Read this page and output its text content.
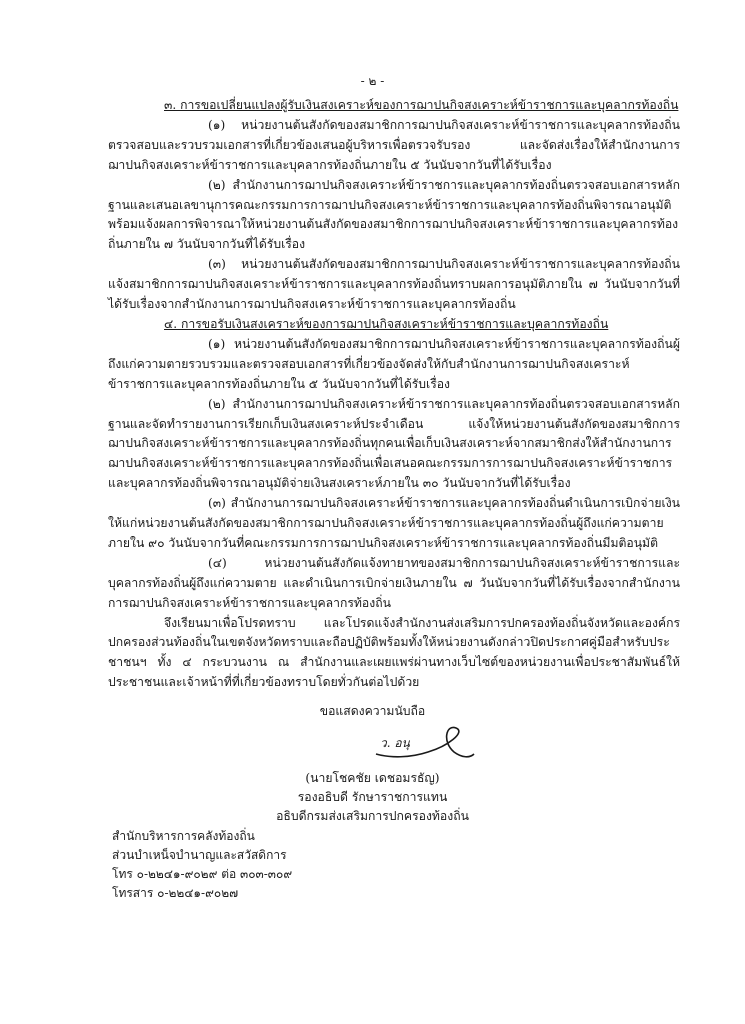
- ๒ -

๓. การขอเปลี่ยนแปลงผู้รับเงินสงเคราะห์ของการฌาปนกิจสงเคราะห์ข้าราชการและบุคลากรท้องถิ่น

(๑) หน่วยงานต้นสังกัดของสมาชิกการฌาปนกิจสงเคราะห์ข้าราชการและบุคลากรท้องถิ่น ตรวจสอบและรวบรวมเอกสารที่เกี่ยวข้องเสนอผู้บริหารเพื่อตรวจรับรอง และจัดส่งเรื่องให้สำนักงานการฌาปนกิจสงเคราะห์ข้าราชการและบุคลากรท้องถิ่นภายใน ๕ วันนับจากวันที่ได้รับเรื่อง

(๒) สำนักงานการฌาปนกิจสงเคราะห์ข้าราชการและบุคลากรท้องถิ่นตรวจสอบเอกสารหลักฐานและเสนอเลขานุการคณะกรรมการการฌาปนกิจสงเคราะห์ข้าราชการและบุคลากรท้องถิ่นพิจารณาอนุมัติ พร้อมแจ้งผลการพิจารณาให้หน่วยงานต้นสังกัดของสมาชิกการฌาปนกิจสงเคราะห์ข้าราชการและบุคลากรท้องถิ่นภายใน ๗ วันนับจากวันที่ได้รับเรื่อง

(๓) หน่วยงานต้นสังกัดของสมาชิกการฌาปนกิจสงเคราะห์ข้าราชการและบุคลากรท้องถิ่นแจ้งสมาชิกการฌาปนกิจสงเคราะห์ข้าราชการและบุคลากรท้องถิ่นทราบผลการอนุมัติภายใน ๗ วันนับจากวันที่ได้รับเรื่องจากสำนักงานการฌาปนกิจสงเคราะห์ข้าราชการและบุคลากรท้องถิ่น

๔. การขอรับเงินสงเคราะห์ของการฌาปนกิจสงเคราะห์ข้าราชการและบุคลากรท้องถิ่น

(๑) หน่วยงานต้นสังกัดของสมาชิกการฌาปนกิจสงเคราะห์ข้าราชการและบุคลากรท้องถิ่นผู้ถึงแก่ความตายรวบรวมและตรวจสอบเอกสารที่เกี่ยวข้องจัดส่งให้กับสำนักงานการฌาปนกิจสงเคราะห์ข้าราชการและบุคลากรท้องถิ่นภายใน ๕ วันนับจากวันที่ได้รับเรื่อง

(๒) สำนักงานการฌาปนกิจสงเคราะห์ข้าราชการและบุคลากรท้องถิ่นตรวจสอบเอกสารหลักฐานและจัดทำรายงานการเรียกเก็บเงินสงเคราะห์ประจำเดือน แจ้งให้หน่วยงานต้นสังกัดของสมาชิกการฌาปนกิจสงเคราะห์ข้าราชการและบุคลากรท้องถิ่นทุกคนเพื่อเก็บเงินสงเคราะห์จากสมาชิกส่งให้สำนักงานการฌาปนกิจสงเคราะห์ข้าราชการและบุคลากรท้องถิ่นเพื่อเสนอคณะกรรมการการฌาปนกิจสงเคราะห์ข้าราชการและบุคลากรท้องถิ่นพิจารณาอนุมัติจ่ายเงินสงเคราะห์ภายใน ๓๐ วันนับจากวันที่ได้รับเรื่อง

(๓) สำนักงานการฌาปนกิจสงเคราะห์ข้าราชการและบุคลากรท้องถิ่นดำเนินการเบิกจ่ายเงินให้แก่หน่วยงานต้นสังกัดของสมาชิกการฌาปนกิจสงเคราะห์ข้าราชการและบุคลากรท้องถิ่นผู้ถึงแก่ความตายภายใน ๙๐ วันนับจากวันที่คณะกรรมการการฌาปนกิจสงเคราะห์ข้าราชการและบุคลากรท้องถิ่นมีมติอนุมัติ

(๔) หน่วยงานต้นสังกัดแจ้งทายาทของสมาชิกการฌาปนกิจสงเคราะห์ข้าราชการและบุคลากรท้องถิ่นผู้ถึงแก่ความตาย และดำเนินการเบิกจ่ายเงินภายใน ๗ วันนับจากวันที่ได้รับเรื่องจากสำนักงานการฌาปนกิจสงเคราะห์ข้าราชการและบุคลากรท้องถิ่น

จึงเรียนมาเพื่อโปรดทราบ และโปรดแจ้งสำนักงานส่งเสริมการปกครองท้องถิ่นจังหวัดและองค์กรปกครองส่วนท้องถิ่นในเขตจังหวัดทราบและถือปฏิบัติพร้อมทั้งให้หน่วยงานดังกล่าวปิดประกาศคู่มือสำหรับประชาชนฯ ทั้ง ๔ กระบวนงาน ณ สำนักงานและเผยแพร่ผ่านทางเว็บไซต์ของหน่วยงานเพื่อประชาสัมพันธ์ให้ประชาชนและเจ้าหน้าที่ที่เกี่ยวข้องทราบโดยทั่วกันต่อไปด้วย

ขอแสดงความนับถือ
ว. อนุ
(นายโชคชัย เดชอมรธัญ)
รองอธิบดี รักษาราชการแทน
อธิบดีกรมส่งเสริมการปกครองท้องถิ่น
สำนักบริหารการคลังท้องถิ่น
ส่วนบำเหน็จบำนาญและสวัสดิการ
โทร ๐-๒๒๔๑-๙๐๒๙ ต่อ ๓๐๓-๓๐๙
โทรสาร ๐-๒๒๔๑-๙๐๒๗
